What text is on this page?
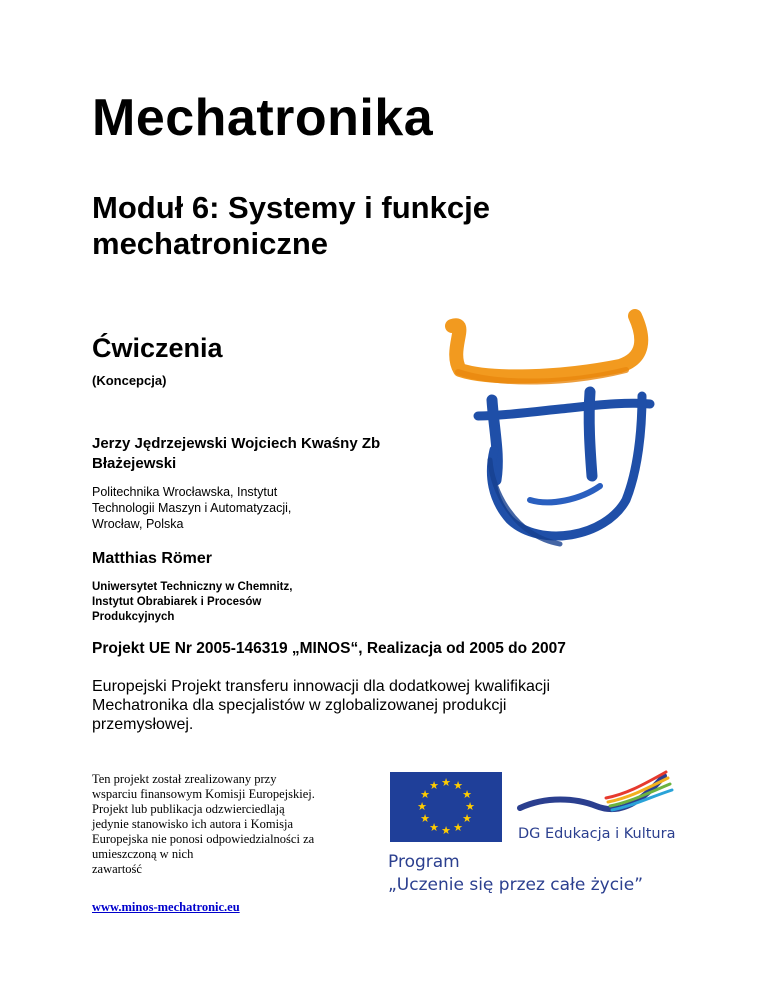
Mechatronika
Moduł 6: Systemy i funkcje
mechatroniczne
Ćwiczenia
(Koncepcja)
Jerzy Jędrzejewski Wojciech Kwaśny Zb
Błażejewski
Politechnika Wrocławska, Instytut
Technologii Maszyn i Automatyzacji,
Wrocław, Polska
Matthias Römer
Uniwersytet Techniczny w Chemnitz,
Instytut Obrabiarek i Procesów
Produkcyjnych
Projekt UE Nr 2005-146319 „MINOS“, Realizacja od 2005 do 2007
Europejski Projekt transferu innowacji dla dodatkowej kwalifikacji
Mechatronika dla specjalistów w zglobalizowanej produkcji
przemysłowej.
Ten projekt został zrealizowany przy
wsparciu finansowym Komisji Europejskiej.
Projekt lub publikacja odzwierciedlają
jedynie stanowisko ich autora i Komisja
Europejska nie ponosi odpowiedzialności za
umieszczoną w nich
zawartość
www.minos-mechatronic.eu
★ ★
★
★
★
★
★
★
★
★
★
★
DG Edukacja i Kultura
Program
„Uczenie się przez całe życie”
